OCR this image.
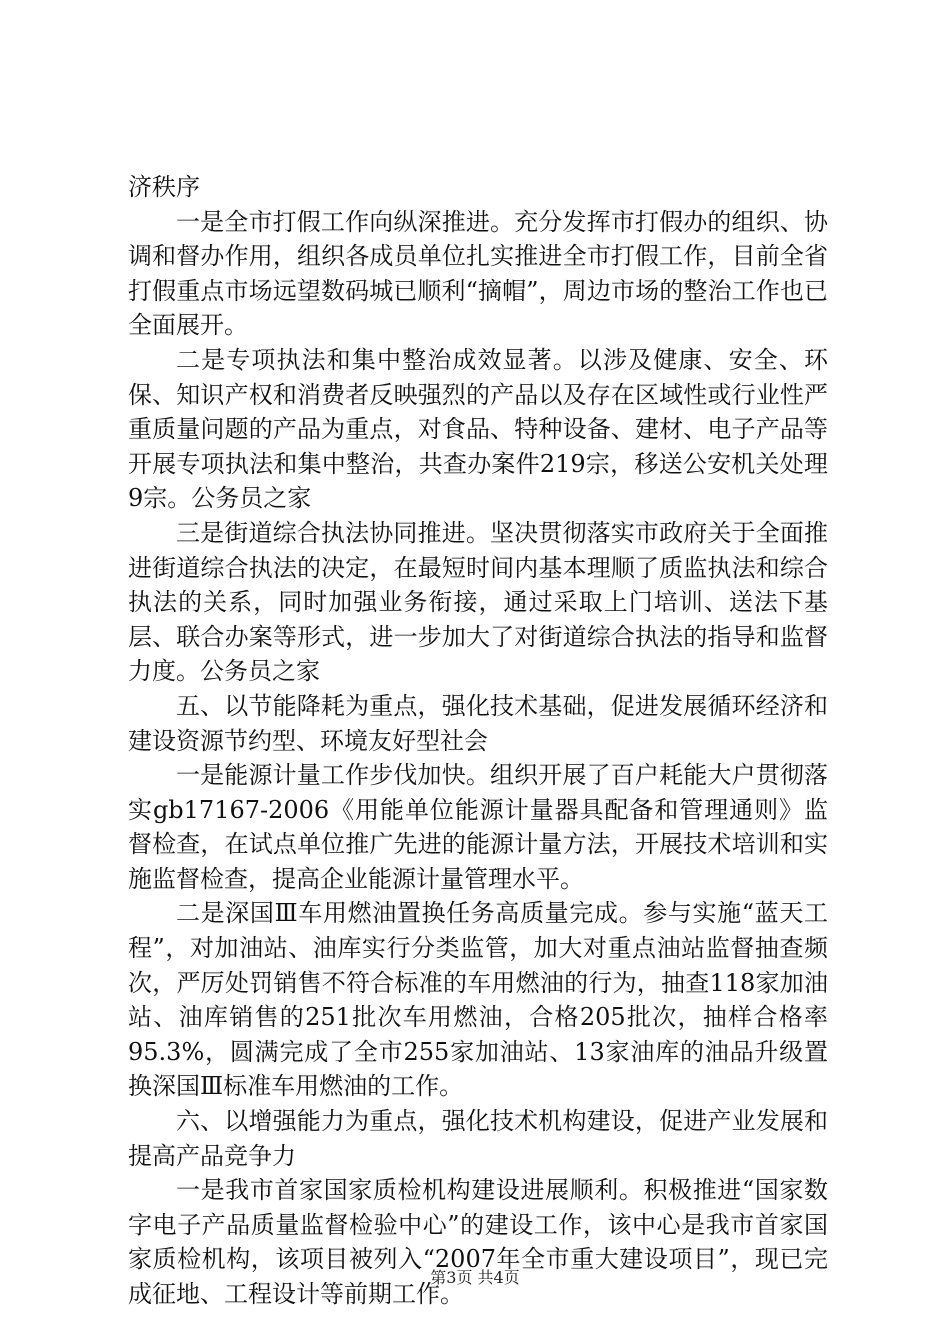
济秩序

一是全市打假工作向纵深推进。充分发挥市打假办的组织、协调和督办作用，组织各成员单位扎实推进全市打假工作，目前全省打假重点市场远望数码城已顺利“摘帽”，周边市场的整治工作也已全面展开。

二是专项执法和集中整治成效显著。以涉及健康、安全、环保、知识产权和消费者反映强烈的产品以及存在区域性或行业性严重质量问题的产品为重点，对食品、特种设备、建材、电子产品等开展专项执法和集中整治，共查办案件219宗，移送公安机关处理9宗。公务员之家

三是街道综合执法协同推进。坚决贯彻落实市政府关于全面推进街道综合执法的决定，在最短时间内基本理顺了质监执法和综合执法的关系，同时加强业务衔接，通过采取上门培训、送法下基层、联合办案等形式，进一步加大了对街道综合执法的指导和监督力度。公务员之家

五、以节能降耗为重点，强化技术基础，促进发展循环经济和建设资源节约型、环境友好型社会

一是能源计量工作步伐加快。组织开展了百户耗能大户贯彻落实gb17167-2006《用能单位能源计量器具配备和管理通则》监督检查，在试点单位推广先进的能源计量方法，开展技术培训和实施监督检查，提高企业能源计量管理水平。

二是深国Ⅲ车用燃油置换任务高质量完成。参与实施“蓝天工程”，对加油站、油库实行分类监管，加大对重点油站监督抽查频次，严厉处罚销售不符合标准的车用燃油的行为，抽查118家加油站、油库销售的251批次车用燃油，合格205批次，抽样合格率95.3%，圆满完成了全市255家加油站、13家油库的油品升级置换深国Ⅲ标准车用燃油的工作。

六、以增强能力为重点，强化技术机构建设，促进产业发展和提高产品竞争力

一是我市首家国家质检机构建设进展顺利。积极推进“国家数字电子产品质量监督检验中心”的建设工作，该中心是我市首家国家质检机构，该项目被列入“2007年全市重大建设项目”，现已完成征地、工程设计等前期工作。

第3页 共4页
